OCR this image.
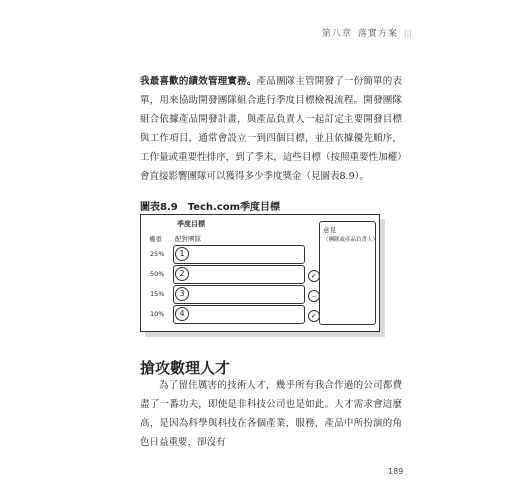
第八章 落實方案 |||
我最喜歡的績效管理實務。產品團隊主管開發了一份簡單的表單，用來協助開發團隊組合進行季度目標檢視流程。開發團隊組合依據產品開發計畫，與產品負責人一起訂定主要開發目標與工作項目，通常會設立一到四個目標，並且依據優先順序，工作量或重要性排序，到了季末，這些目標（按照重要性加權）會直接影響團隊可以獲得多少季度獎金（見圖表8.9）。
圖表8.9　Tech.com季度目標
季度目標
權重 配對團隊
25%	1
50%	2	✓
15%	3	–
10%	4	✓
意見
（團隊或產品負責人）
搶攻數理人才
為了留住厲害的技術人才，幾乎所有我合作過的公司都費盡了一番功夫，即使是非科技公司也是如此。人才需求會這麼高，是因為科學與科技在各個產業，服務，產品中所扮演的角色日益重要，卻沒有
189
